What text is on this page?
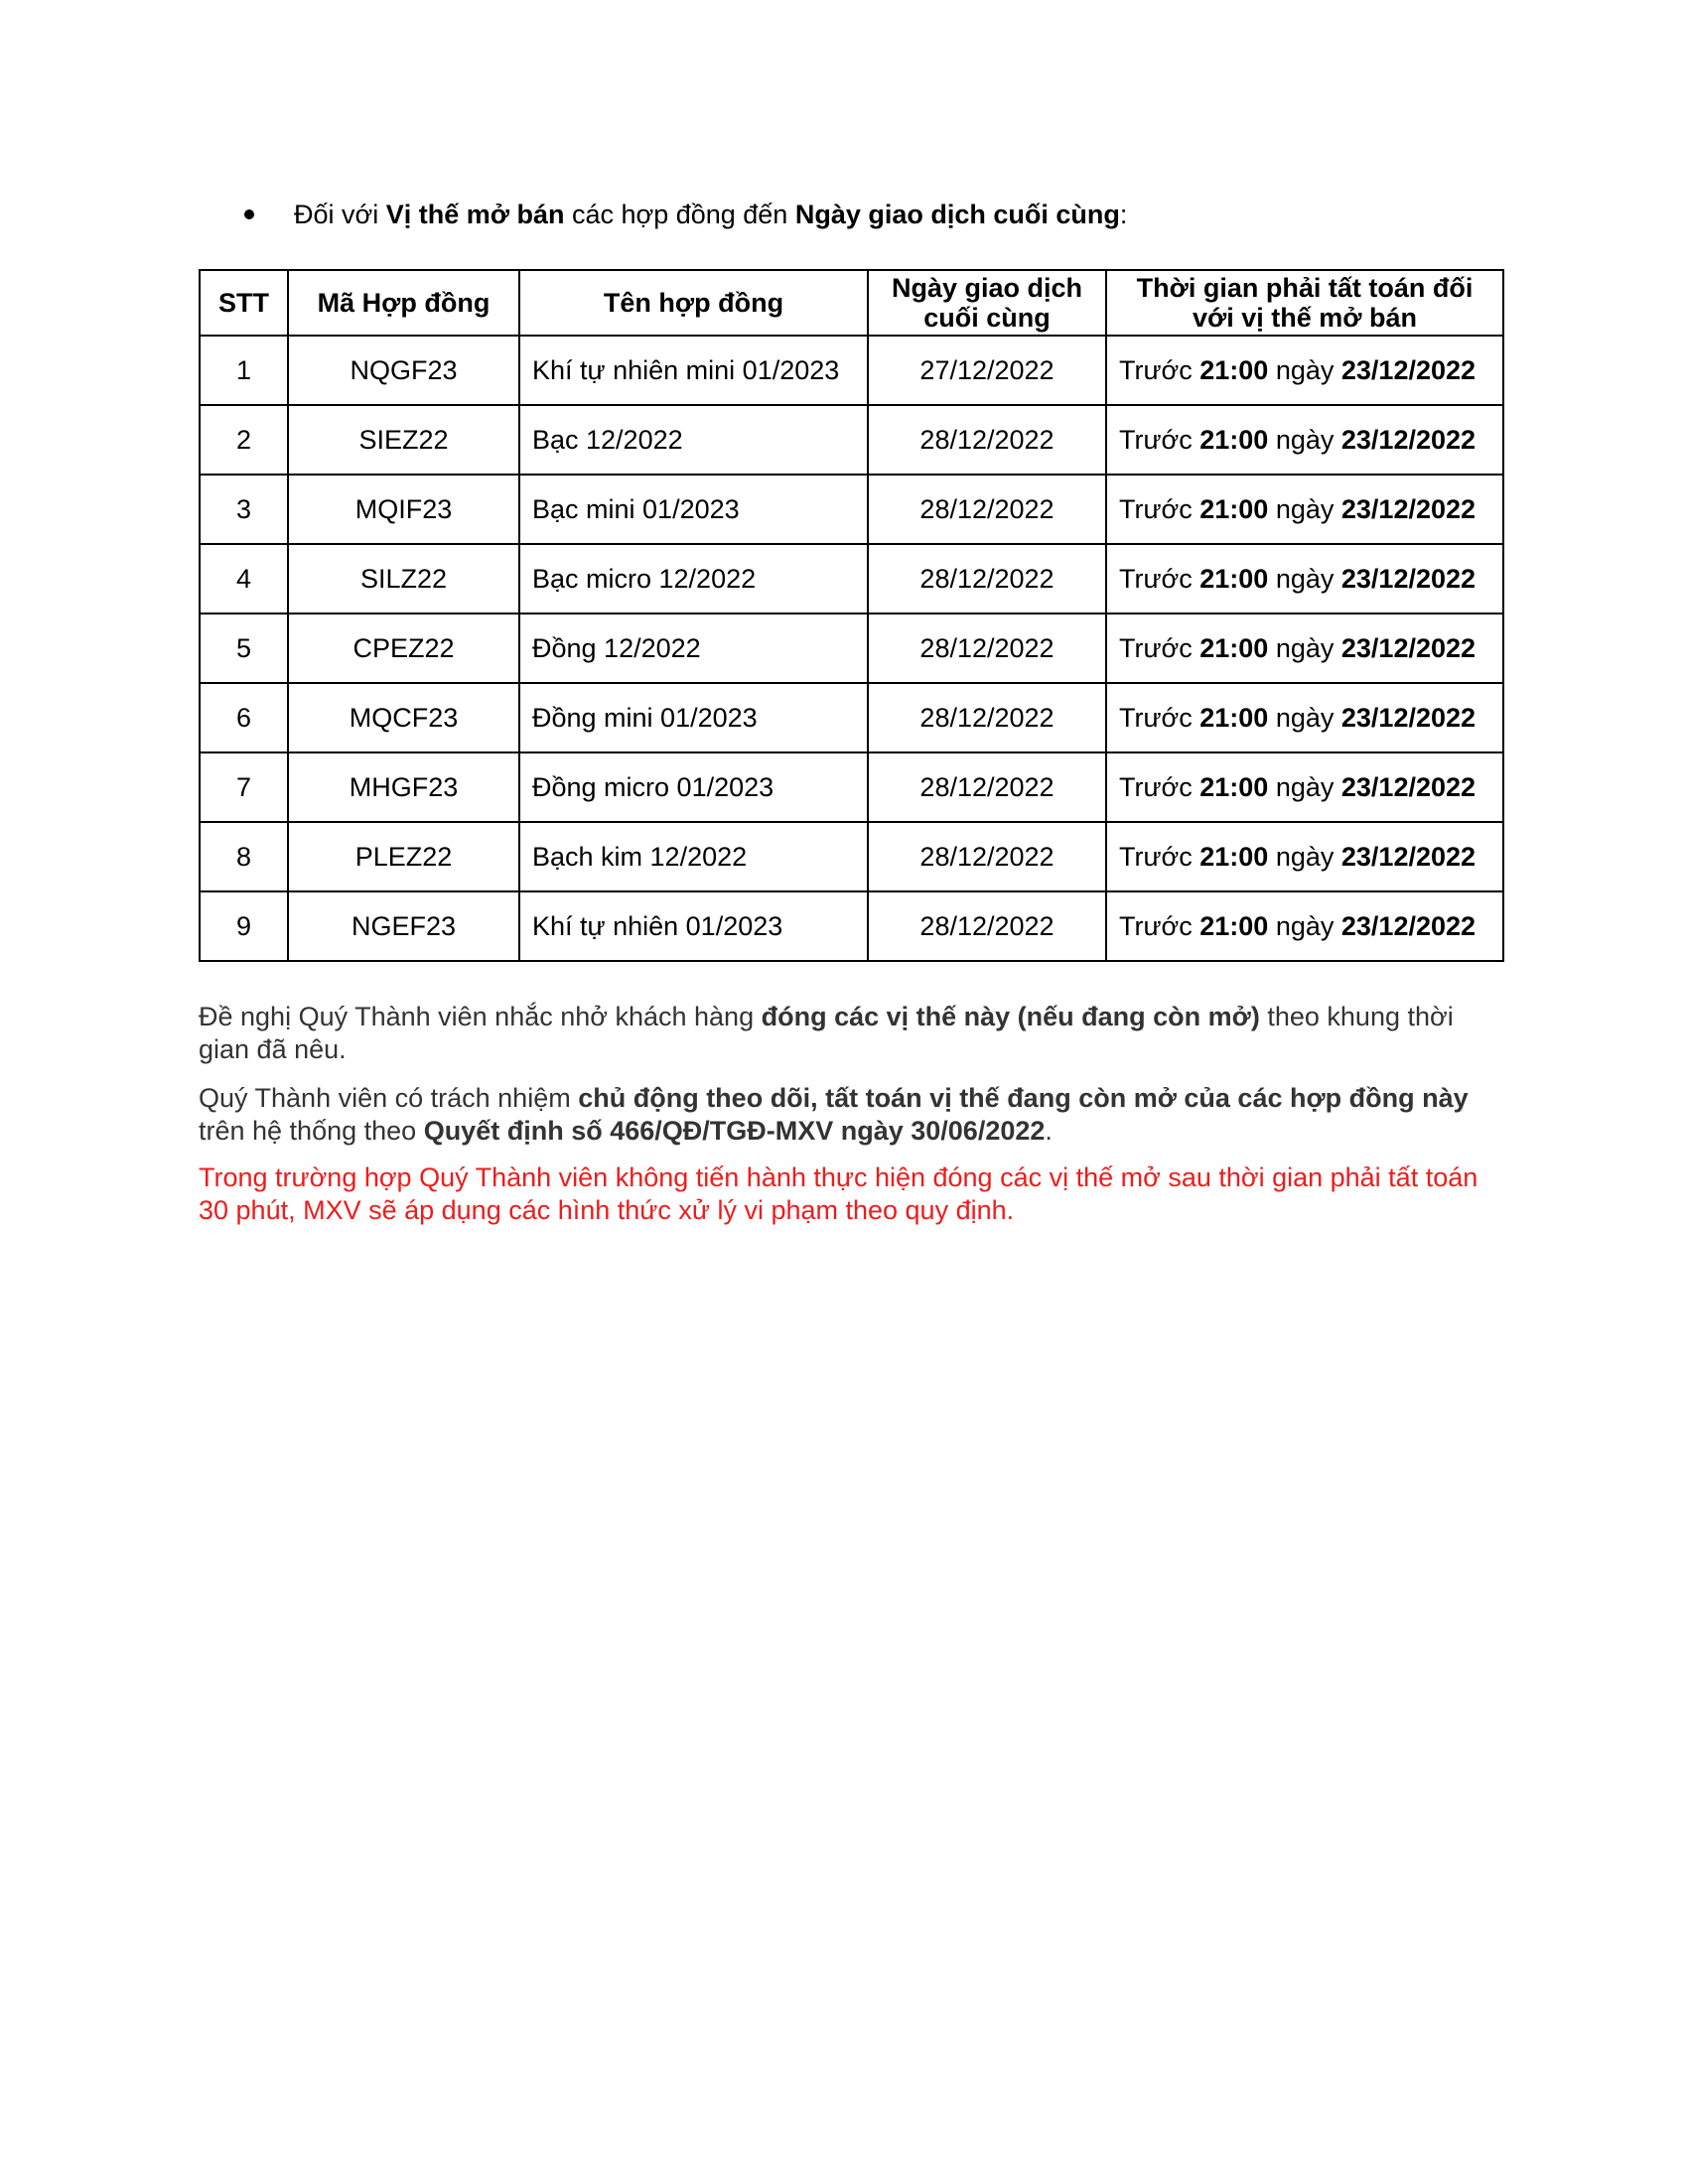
Đối với Vị thế mở bán các hợp đồng đến Ngày giao dịch cuối cùng:
STT	Mã Hợp đồng	Tên hợp đồng	Ngày giao dịch cuối cùng	Thời gian phải tất toán đối với vị thế mở bán
1	NQGF23	Khí tự nhiên mini 01/2023	27/12/2022	Trước 21:00 ngày 23/12/2022
2	SIEZ22	Bạc 12/2022	28/12/2022	Trước 21:00 ngày 23/12/2022
3	MQIF23	Bạc mini 01/2023	28/12/2022	Trước 21:00 ngày 23/12/2022
4	SILZ22	Bạc micro 12/2022	28/12/2022	Trước 21:00 ngày 23/12/2022
5	CPEZ22	Đồng 12/2022	28/12/2022	Trước 21:00 ngày 23/12/2022
6	MQCF23	Đồng mini 01/2023	28/12/2022	Trước 21:00 ngày 23/12/2022
7	MHGF23	Đồng micro 01/2023	28/12/2022	Trước 21:00 ngày 23/12/2022
8	PLEZ22	Bạch kim 12/2022	28/12/2022	Trước 21:00 ngày 23/12/2022
9	NGEF23	Khí tự nhiên 01/2023	28/12/2022	Trước 21:00 ngày 23/12/2022
Đề nghị Quý Thành viên nhắc nhở khách hàng đóng các vị thế này (nếu đang còn mở) theo khung thời gian đã nêu.
Quý Thành viên có trách nhiệm chủ động theo dõi, tất toán vị thế đang còn mở của các hợp đồng này trên hệ thống theo Quyết định số 466/QĐ/TGĐ-MXV ngày 30/06/2022.
Trong trường hợp Quý Thành viên không tiến hành thực hiện đóng các vị thế mở sau thời gian phải tất toán 30 phút, MXV sẽ áp dụng các hình thức xử lý vi phạm theo quy định.
